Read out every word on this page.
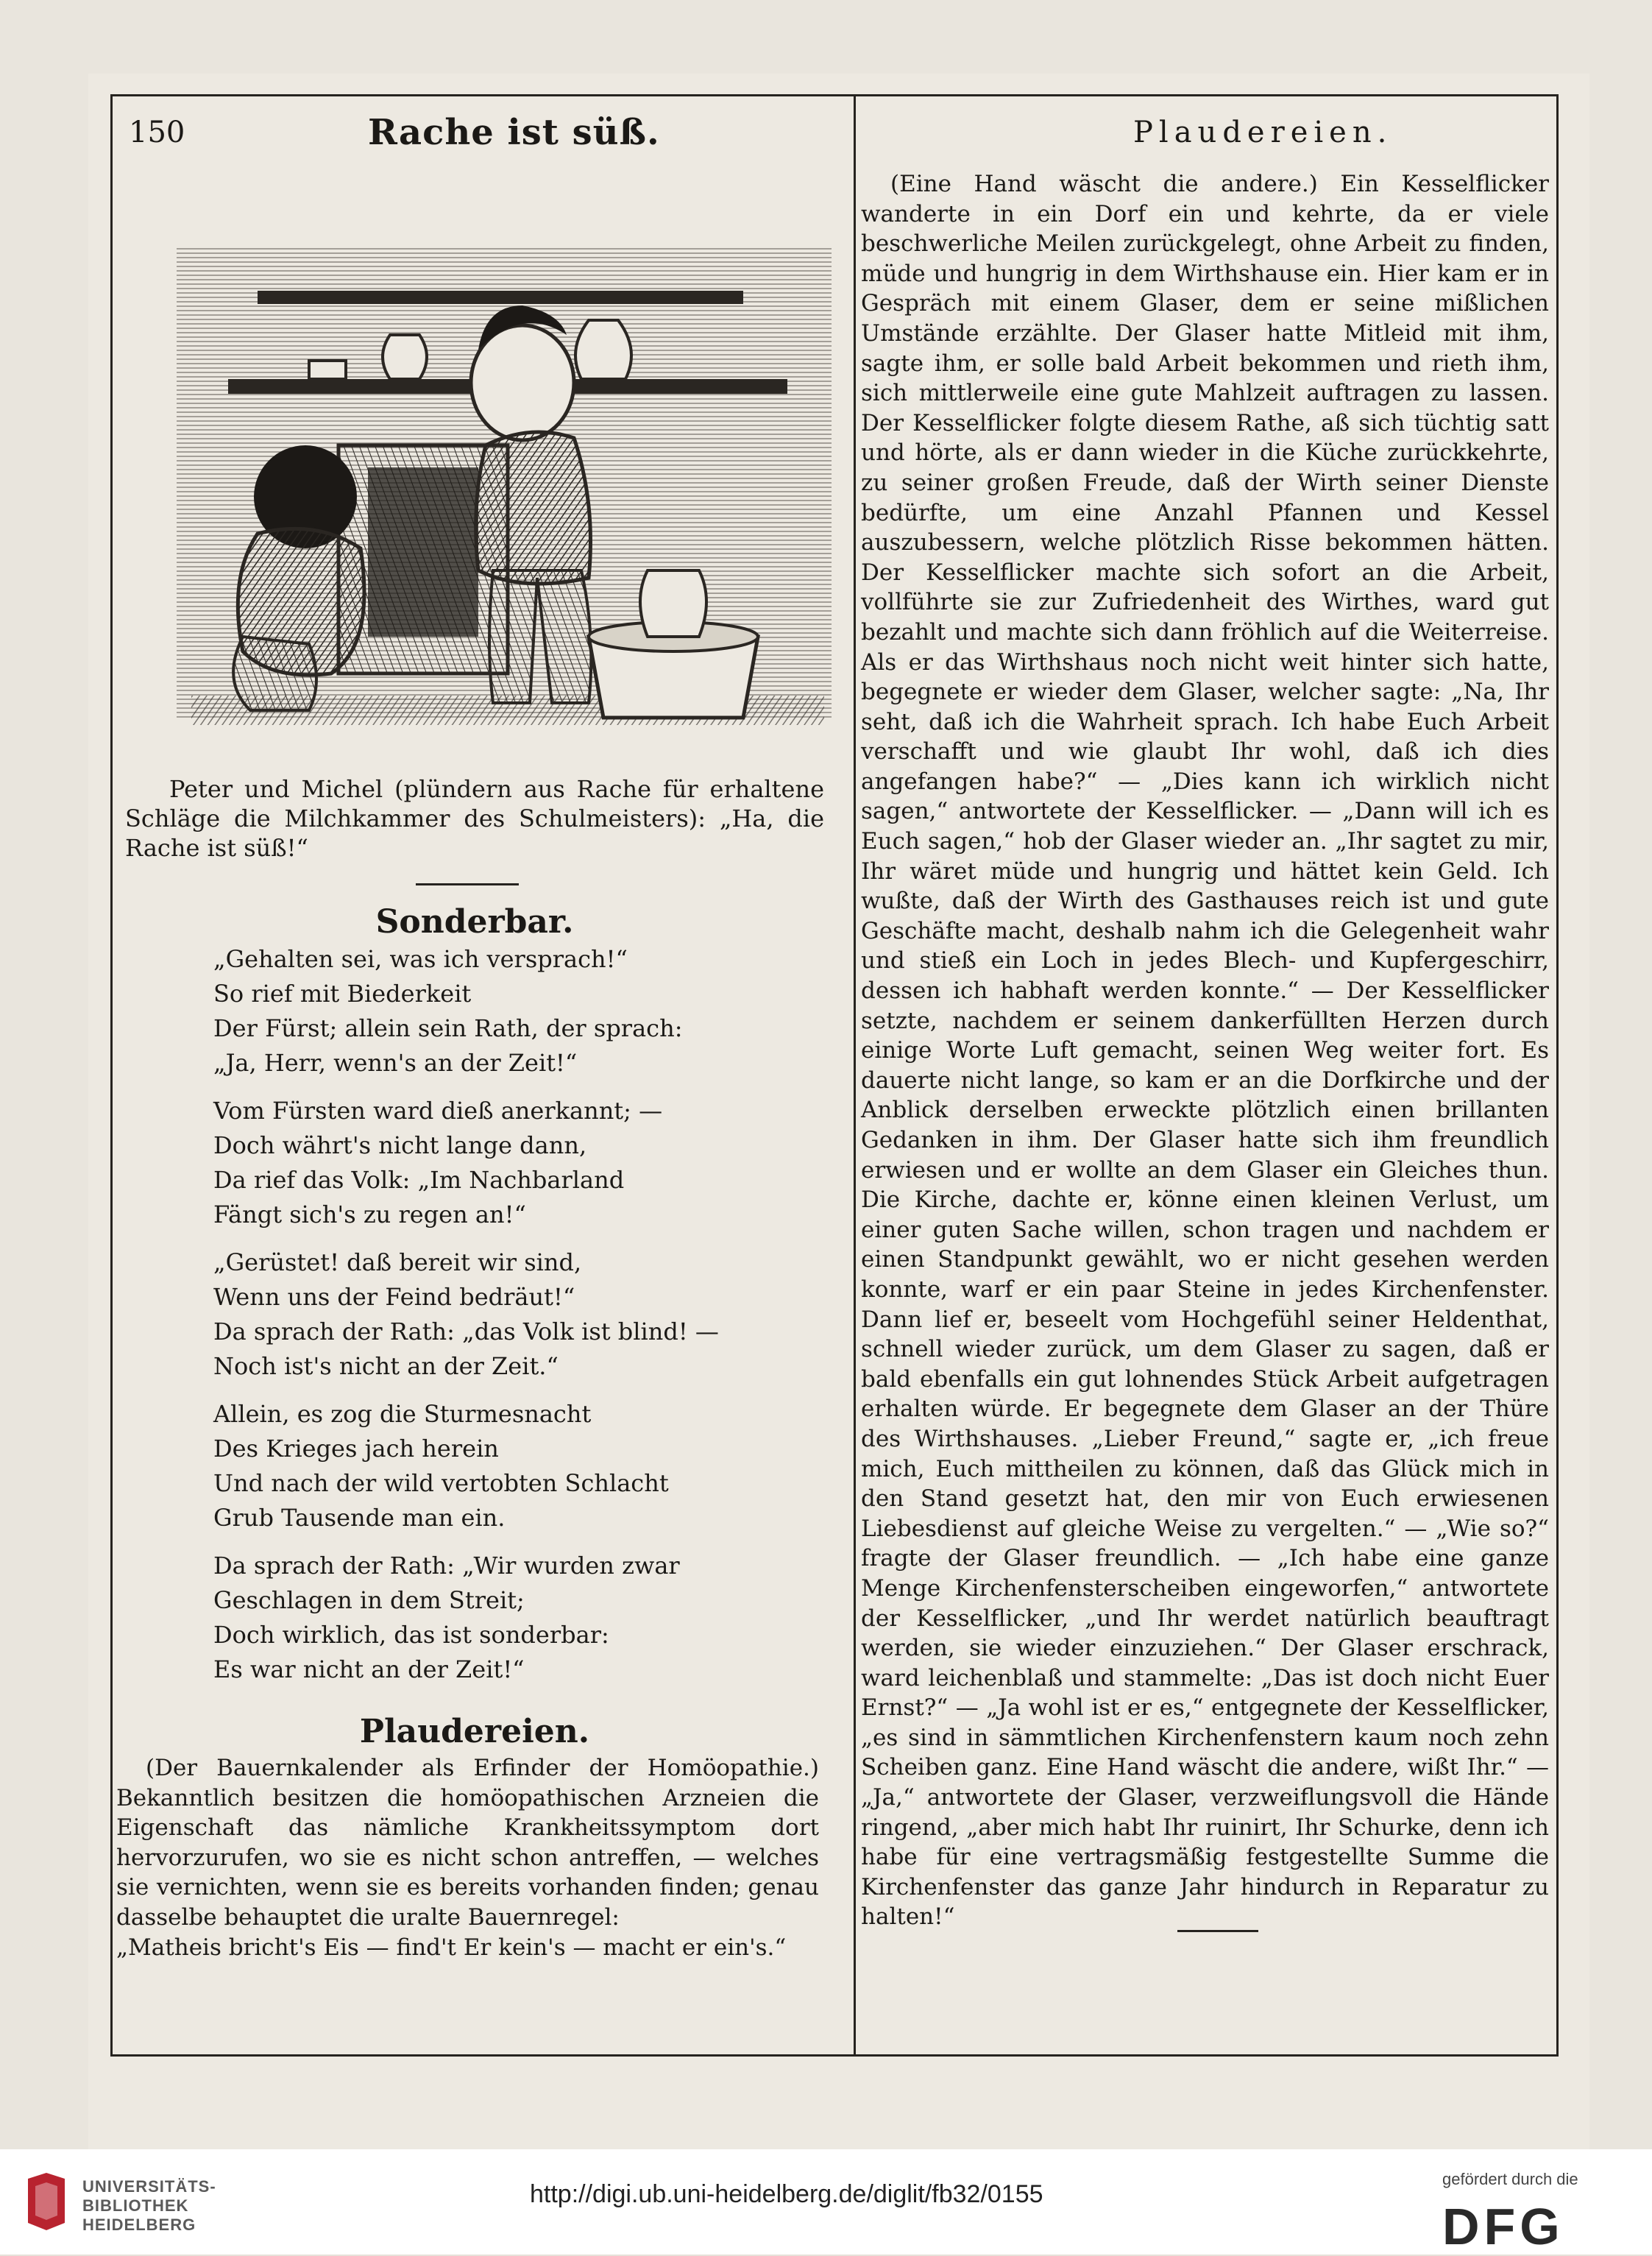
150	Rache ist süß.	Plaudereien.
Peter und Michel (plündern aus Rache für erhaltene Schläge die Milchkammer des Schulmeisters): „Ha, die Rache ist süß!“
Sonderbar.
„Gehalten sei, was ich versprach!“
So rief mit Biederkeit
Der Fürst; allein sein Rath, der sprach:
„Ja, Herr, wenn's an der Zeit!“
Vom Fürsten ward dieß anerkannt; —
Doch währt's nicht lange dann,
Da rief das Volk: „Im Nachbarland
Fängt sich's zu regen an!“
„Gerüstet! daß bereit wir sind,
Wenn uns der Feind bedräut!“
Da sprach der Rath: „das Volk ist blind! —
Noch ist's nicht an der Zeit.“
Allein, es zog die Sturmesnacht
Des Krieges jach herein
Und nach der wild vertobten Schlacht
Grub Tausende man ein.
Da sprach der Rath: „Wir wurden zwar
Geschlagen in dem Streit;
Doch wirklich, das ist sonderbar:
Es war nicht an der Zeit!“
Plaudereien.

(Der Bauernkalender als Erfinder der Homöopathie.) Bekanntlich besitzen die homöopathischen Arzneien die Eigenschaft das nämliche Krankheitssymptom dort hervorzurufen, wo sie es nicht schon antreffen, — welches sie vernichten, wenn sie es bereits vorhanden finden; genau dasselbe behauptet die uralte Bauernregel:

„Matheis bricht's Eis — find't Er kein's — macht er ein's.“

(Eine Hand wäscht die andere.) Ein Kesselflicker wanderte in ein Dorf ein und kehrte, da er viele beschwerliche Meilen zurückgelegt, ohne Arbeit zu finden, müde und hungrig in dem Wirthshause ein. Hier kam er in Gespräch mit einem Glaser, dem er seine mißlichen Umstände erzählte. Der Glaser hatte Mitleid mit ihm, sagte ihm, er solle bald Arbeit bekommen und rieth ihm, sich mittlerweile eine gute Mahlzeit auftragen zu lassen. Der Kesselflicker folgte diesem Rathe, aß sich tüchtig satt und hörte, als er dann wieder in die Küche zurückkehrte, zu seiner großen Freude, daß der Wirth seiner Dienste bedürfte, um eine Anzahl Pfannen und Kessel auszubessern, welche plötzlich Risse bekommen hätten. Der Kesselflicker machte sich sofort an die Arbeit, vollführte sie zur Zufriedenheit des Wirthes, ward gut bezahlt und machte sich dann fröhlich auf die Weiterreise. Als er das Wirthshaus noch nicht weit hinter sich hatte, begegnete er wieder dem Glaser, welcher sagte: „Na, Ihr seht, daß ich die Wahrheit sprach. Ich habe Euch Arbeit verschafft und wie glaubt Ihr wohl, daß ich dies angefangen habe?“ — „Dies kann ich wirklich nicht sagen,“ antwortete der Kesselflicker. — „Dann will ich es Euch sagen,“ hob der Glaser wieder an. „Ihr sagtet zu mir, Ihr wäret müde und hungrig und hättet kein Geld. Ich wußte, daß der Wirth des Gasthauses reich ist und gute Geschäfte macht, deshalb nahm ich die Gelegenheit wahr und stieß ein Loch in jedes Blech- und Kupfergeschirr, dessen ich habhaft werden konnte.“ — Der Kesselflicker setzte, nachdem er seinem dankerfüllten Herzen durch einige Worte Luft gemacht, seinen Weg weiter fort. Es dauerte nicht lange, so kam er an die Dorfkirche und der Anblick derselben erweckte plötzlich einen brillanten Gedanken in ihm. Der Glaser hatte sich ihm freundlich erwiesen und er wollte an dem Glaser ein Gleiches thun. Die Kirche, dachte er, könne einen kleinen Verlust, um einer guten Sache willen, schon tragen und nachdem er einen Standpunkt gewählt, wo er nicht gesehen werden konnte, warf er ein paar Steine in jedes Kirchenfenster. Dann lief er, beseelt vom Hochgefühl seiner Heldenthat, schnell wieder zurück, um dem Glaser zu sagen, daß er bald ebenfalls ein gut lohnendes Stück Arbeit aufgetragen erhalten würde. Er begegnete dem Glaser an der Thüre des Wirthshauses. „Lieber Freund,“ sagte er, „ich freue mich, Euch mittheilen zu können, daß das Glück mich in den Stand gesetzt hat, den mir von Euch erwiesenen Liebesdienst auf gleiche Weise zu vergelten.“ — „Wie so?“ fragte der Glaser freundlich. — „Ich habe eine ganze Menge Kirchenfensterscheiben eingeworfen,“ antwortete der Kesselflicker, „und Ihr werdet natürlich beauftragt werden, sie wieder einzuziehen.“ Der Glaser erschrack, ward leichenblaß und stammelte: „Das ist doch nicht Euer Ernst?“ — „Ja wohl ist er es,“ entgegnete der Kesselflicker, „es sind in sämmtlichen Kirchenfenstern kaum noch zehn Scheiben ganz. Eine Hand wäscht die andere, wißt Ihr.“ — „Ja,“ antwortete der Glaser, verzweiflungsvoll die Hände ringend, „aber mich habt Ihr ruinirt, Ihr Schurke, denn ich habe für eine vertragsmäßig festgestellte Summe die Kirchenfenster das ganze Jahr hindurch in Reparatur zu halten!“

UNIVERSITÄTS-
BIBLIOTHEK
HEIDELBERG
http://digi.ub.uni-heidelberg.de/diglit/fb32/0155
gefördert durch die
DFG
